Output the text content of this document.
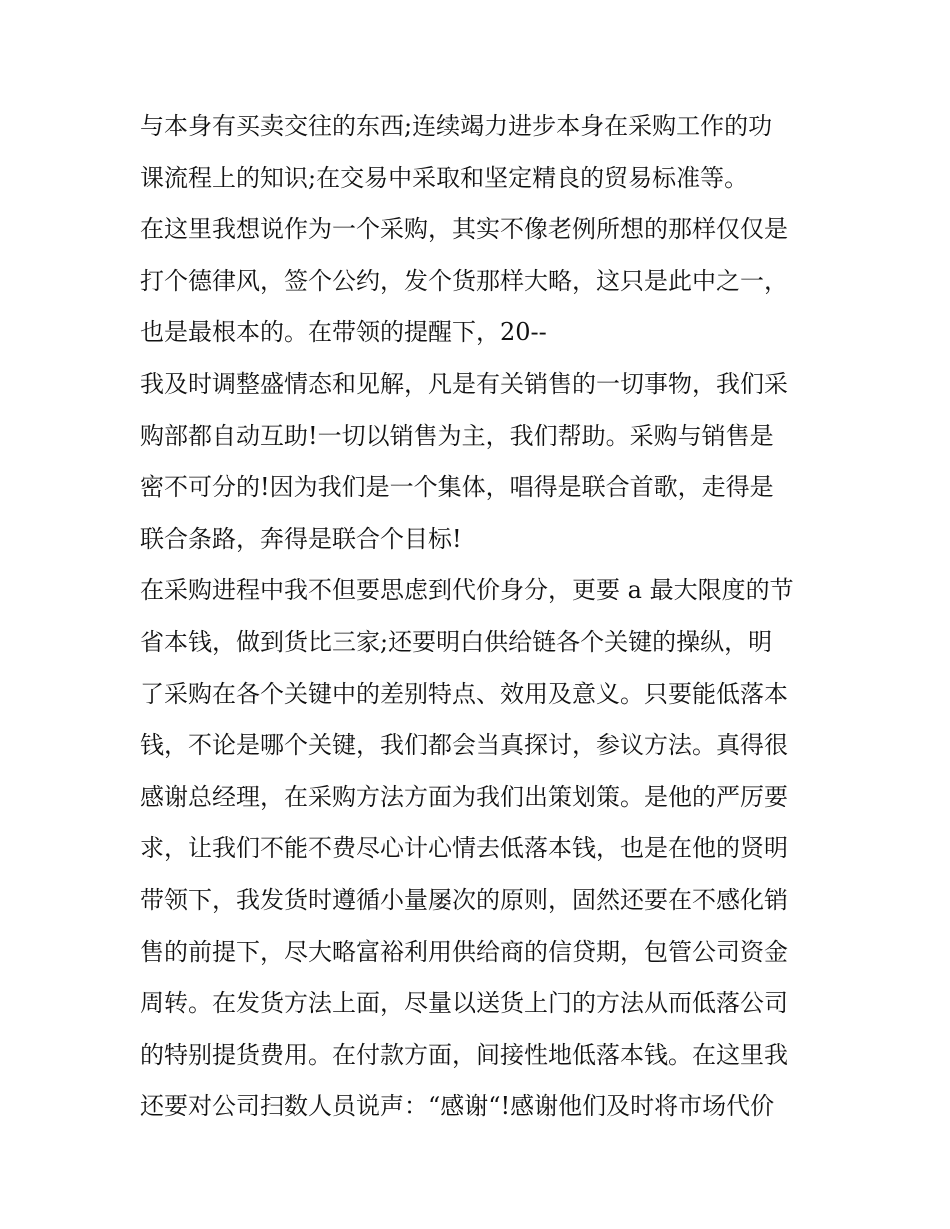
与本身有买卖交往的东西;连续竭力进步本身在采购工作的功
课流程上的知识;在交易中采取和坚定精良的贸易标准等。
在这里我想说作为一个采购，其实不像老例所想的那样仅仅是
打个德律风，签个公约，发个货那样大略，这只是此中之一，
也是最根本的。在带领的提醒下，20--
我及时调整盛情态和见解，凡是有关销售的一切事物，我们采
购部都自动互助!一切以销售为主，我们帮助。采购与销售是
密不可分的!因为我们是一个集体，唱得是联合首歌，走得是
联合条路，奔得是联合个目标!
在采购进程中我不但要思虑到代价身分，更要 a 最大限度的节
省本钱，做到货比三家;还要明白供给链各个关键的操纵，明
了采购在各个关键中的差别特点、效用及意义。只要能低落本
钱，不论是哪个关键，我们都会当真探讨，参议方法。真得很
感谢总经理，在采购方法方面为我们出策划策。是他的严厉要
求，让我们不能不费尽心计心情去低落本钱，也是在他的贤明
带领下，我发货时遵循小量屡次的原则，固然还要在不感化销
售的前提下，尽大略富裕利用供给商的信贷期，包管公司资金
周转。在发货方法上面，尽量以送货上门的方法从而低落公司
的特别提货费用。在付款方面，间接性地低落本钱。在这里我
还要对公司扫数人员说声：“感谢“!感谢他们及时将市场代价
